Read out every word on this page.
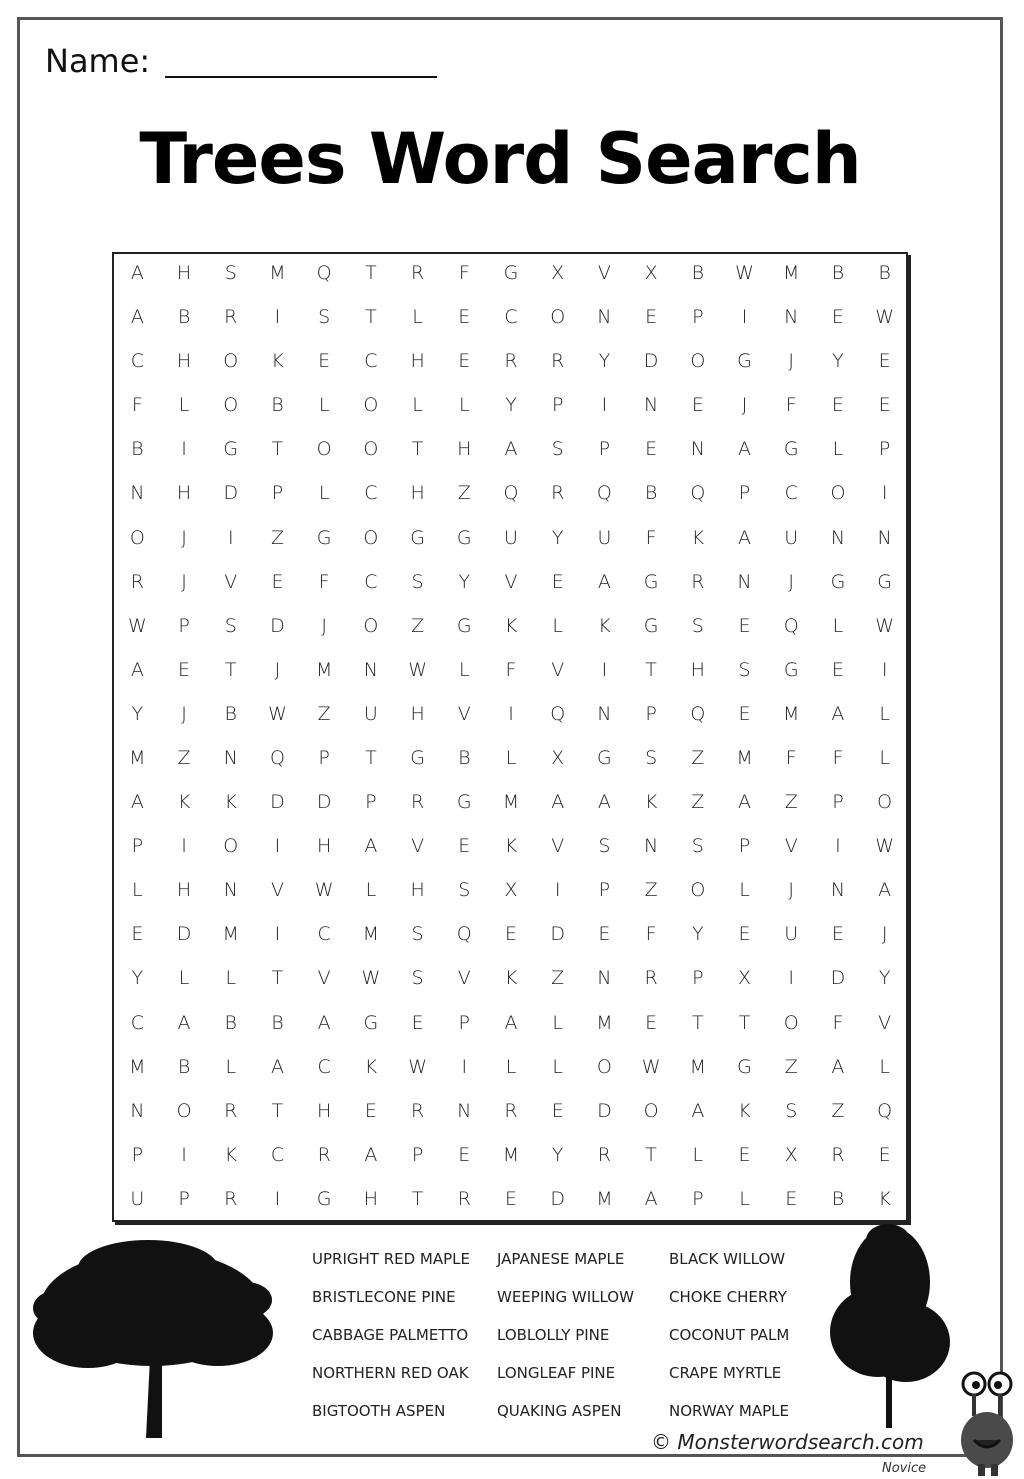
Name:
Trees Word Search
A	H	S	M	Q	T	R	F	G	X	V	X	B	W	M	B	B
A	B	R	I	S	T	L	E	C	O	N	E	P	I	N	E	W
C	H	O	K	E	C	H	E	R	R	Y	D	O	G	J	Y	E
F	L	O	B	L	O	L	L	Y	P	I	N	E	J	F	E	E
B	I	G	T	O	O	T	H	A	S	P	E	N	A	G	L	P
N	H	D	P	L	C	H	Z	Q	R	Q	B	Q	P	C	O	I
O	J	I	Z	G	O	G	G	U	Y	U	F	K	A	U	N	N
R	J	V	E	F	C	S	Y	V	E	A	G	R	N	J	G	G
W	P	S	D	J	O	Z	G	K	L	K	G	S	E	Q	L	W
A	E	T	J	M	N	W	L	F	V	I	T	H	S	G	E	I
Y	J	B	W	Z	U	H	V	I	Q	N	P	Q	E	M	A	L
M	Z	N	Q	P	T	G	B	L	X	G	S	Z	M	F	F	L
A	K	K	D	D	P	R	G	M	A	A	K	Z	A	Z	P	O
P	I	O	I	H	A	V	E	K	V	S	N	S	P	V	I	W
L	H	N	V	W	L	H	S	X	I	P	Z	O	L	J	N	A
E	D	M	I	C	M	S	Q	E	D	E	F	Y	E	U	E	J
Y	L	L	T	V	W	S	V	K	Z	N	R	P	X	I	D	Y
C	A	B	B	A	G	E	P	A	L	M	E	T	T	O	F	V
M	B	L	A	C	K	W	I	L	L	O	W	M	G	Z	A	L
N	O	R	T	H	E	R	N	R	E	D	O	A	K	S	Z	Q
P	I	K	C	R	A	P	E	M	Y	R	T	L	E	X	R	E
U	P	R	I	G	H	T	R	E	D	M	A	P	L	E	B	K
UPRIGHT RED MAPLE	JAPANESE MAPLE	BLACK WILLOW
BRISTLECONE PINE	WEEPING WILLOW	CHOKE CHERRY
CABBAGE PALMETTO	LOBLOLLY PINE	COCONUT PALM
NORTHERN RED OAK	LONGLEAF PINE	CRAPE MYRTLE
BIGTOOTH ASPEN	QUAKING ASPEN	NORWAY MAPLE
© Monsterwordsearch.com
Novice
